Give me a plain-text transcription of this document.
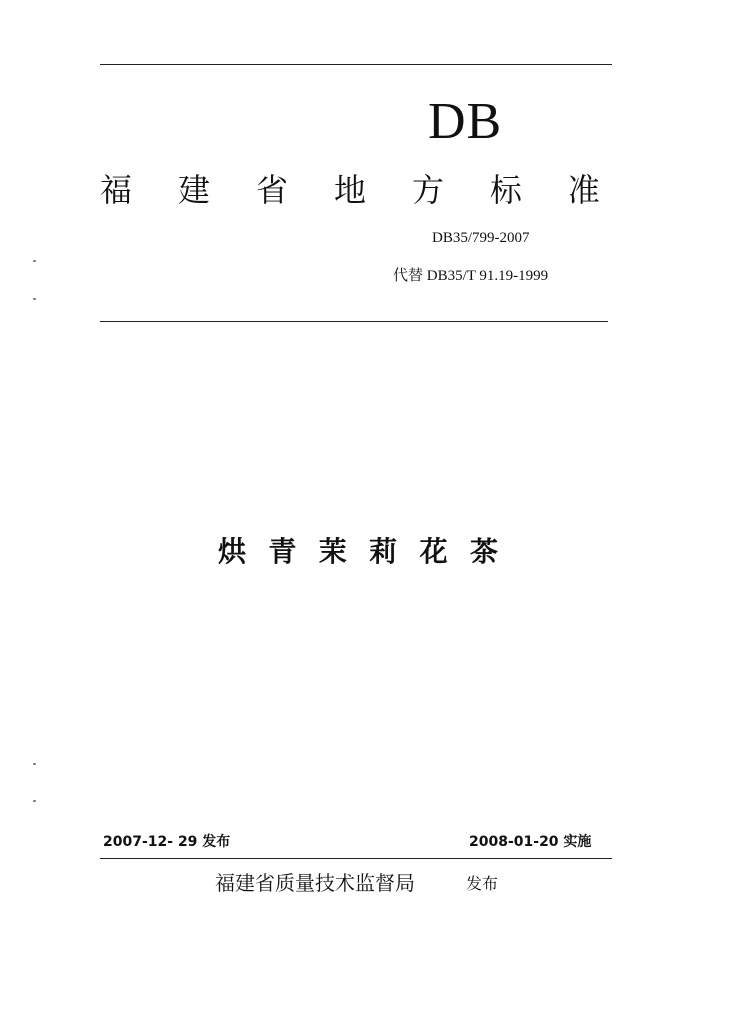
DB
福 建 省 地 方 标 准
DB35/799-2007
代替 DB35/T 91.19-1999
烘 青 茉 莉 花 茶
2007-12- 29 发布	2008-01-20 实施
福建省质量技术监督局	发布
